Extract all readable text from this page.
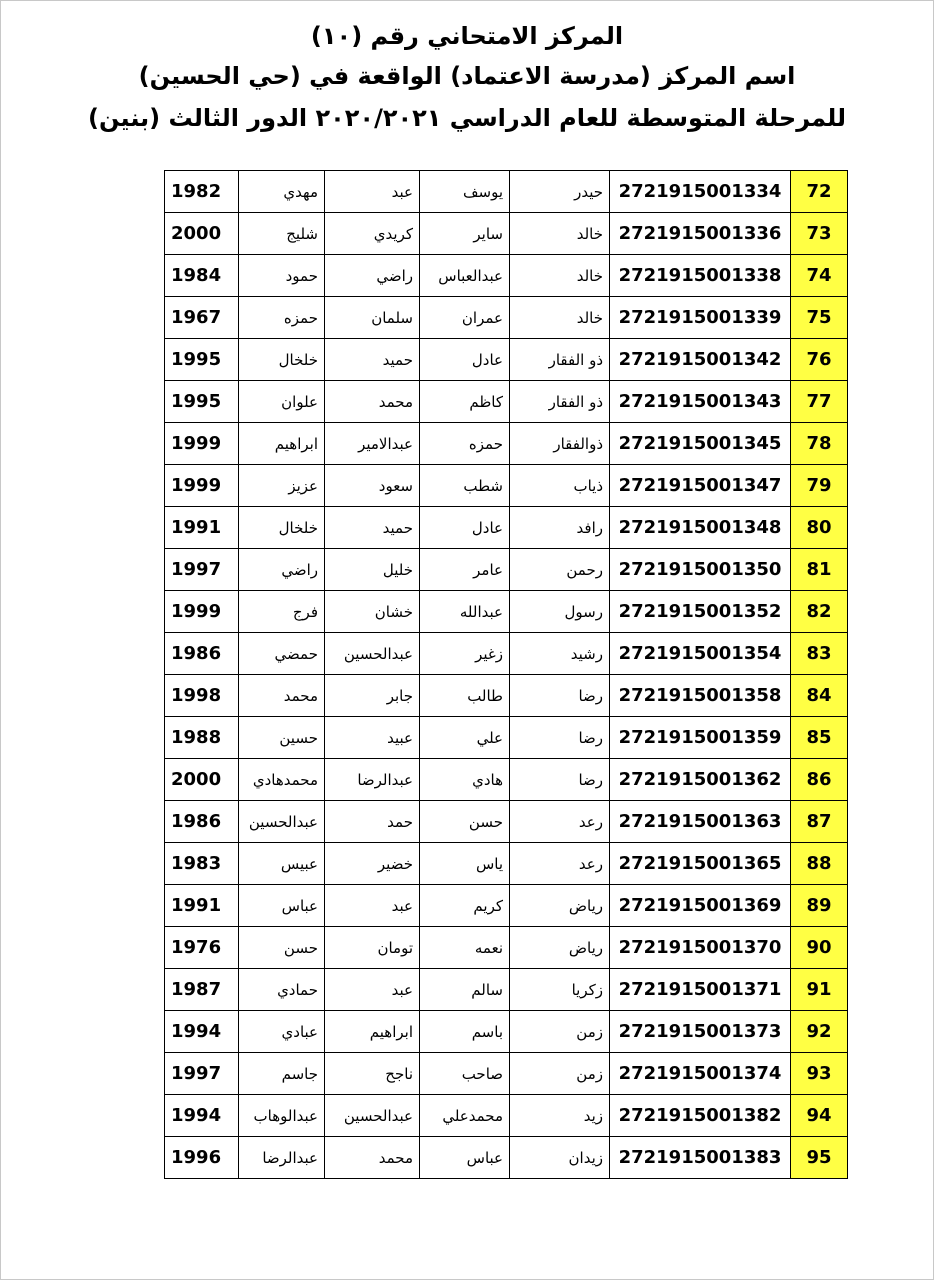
المركز الامتحاني رقم (١٠)
اسم المركز (مدرسة الاعتماد) الواقعة في (حي الحسين)
للمرحلة المتوسطة للعام الدراسي ٢٠٢٠/٢٠٢١ الدور الثالث (بنين)
72	2721915001334	حيدر	يوسف	عبد	مهدي	1982
73	2721915001336	خالد	ساير	كريدي	شليج	2000
74	2721915001338	خالد	عبدالعباس	راضي	حمود	1984
75	2721915001339	خالد	عمران	سلمان	حمزه	1967
76	2721915001342	ذو الفقار	عادل	حميد	خلخال	1995
77	2721915001343	ذو الفقار	كاظم	محمد	علوان	1995
78	2721915001345	ذوالفقار	حمزه	عبدالامير	ابراهيم	1999
79	2721915001347	ذياب	شطب	سعود	عزيز	1999
80	2721915001348	رافد	عادل	حميد	خلخال	1991
81	2721915001350	رحمن	عامر	خليل	راضي	1997
82	2721915001352	رسول	عبدالله	خشان	فرج	1999
83	2721915001354	رشيد	زغير	عبدالحسين	حمضي	1986
84	2721915001358	رضا	طالب	جابر	محمد	1998
85	2721915001359	رضا	علي	عبيد	حسين	1988
86	2721915001362	رضا	هادي	عبدالرضا	محمدهادي	2000
87	2721915001363	رعد	حسن	حمد	عبدالحسين	1986
88	2721915001365	رعد	ياس	خضير	عبيس	1983
89	2721915001369	رياض	كريم	عبد	عباس	1991
90	2721915001370	رياض	نعمه	تومان	حسن	1976
91	2721915001371	زكريا	سالم	عبد	حمادي	1987
92	2721915001373	زمن	باسم	ابراهيم	عبادي	1994
93	2721915001374	زمن	صاحب	ناجح	جاسم	1997
94	2721915001382	زيد	محمدعلي	عبدالحسين	عبدالوهاب	1994
95	2721915001383	زيدان	عباس	محمد	عبدالرضا	1996
